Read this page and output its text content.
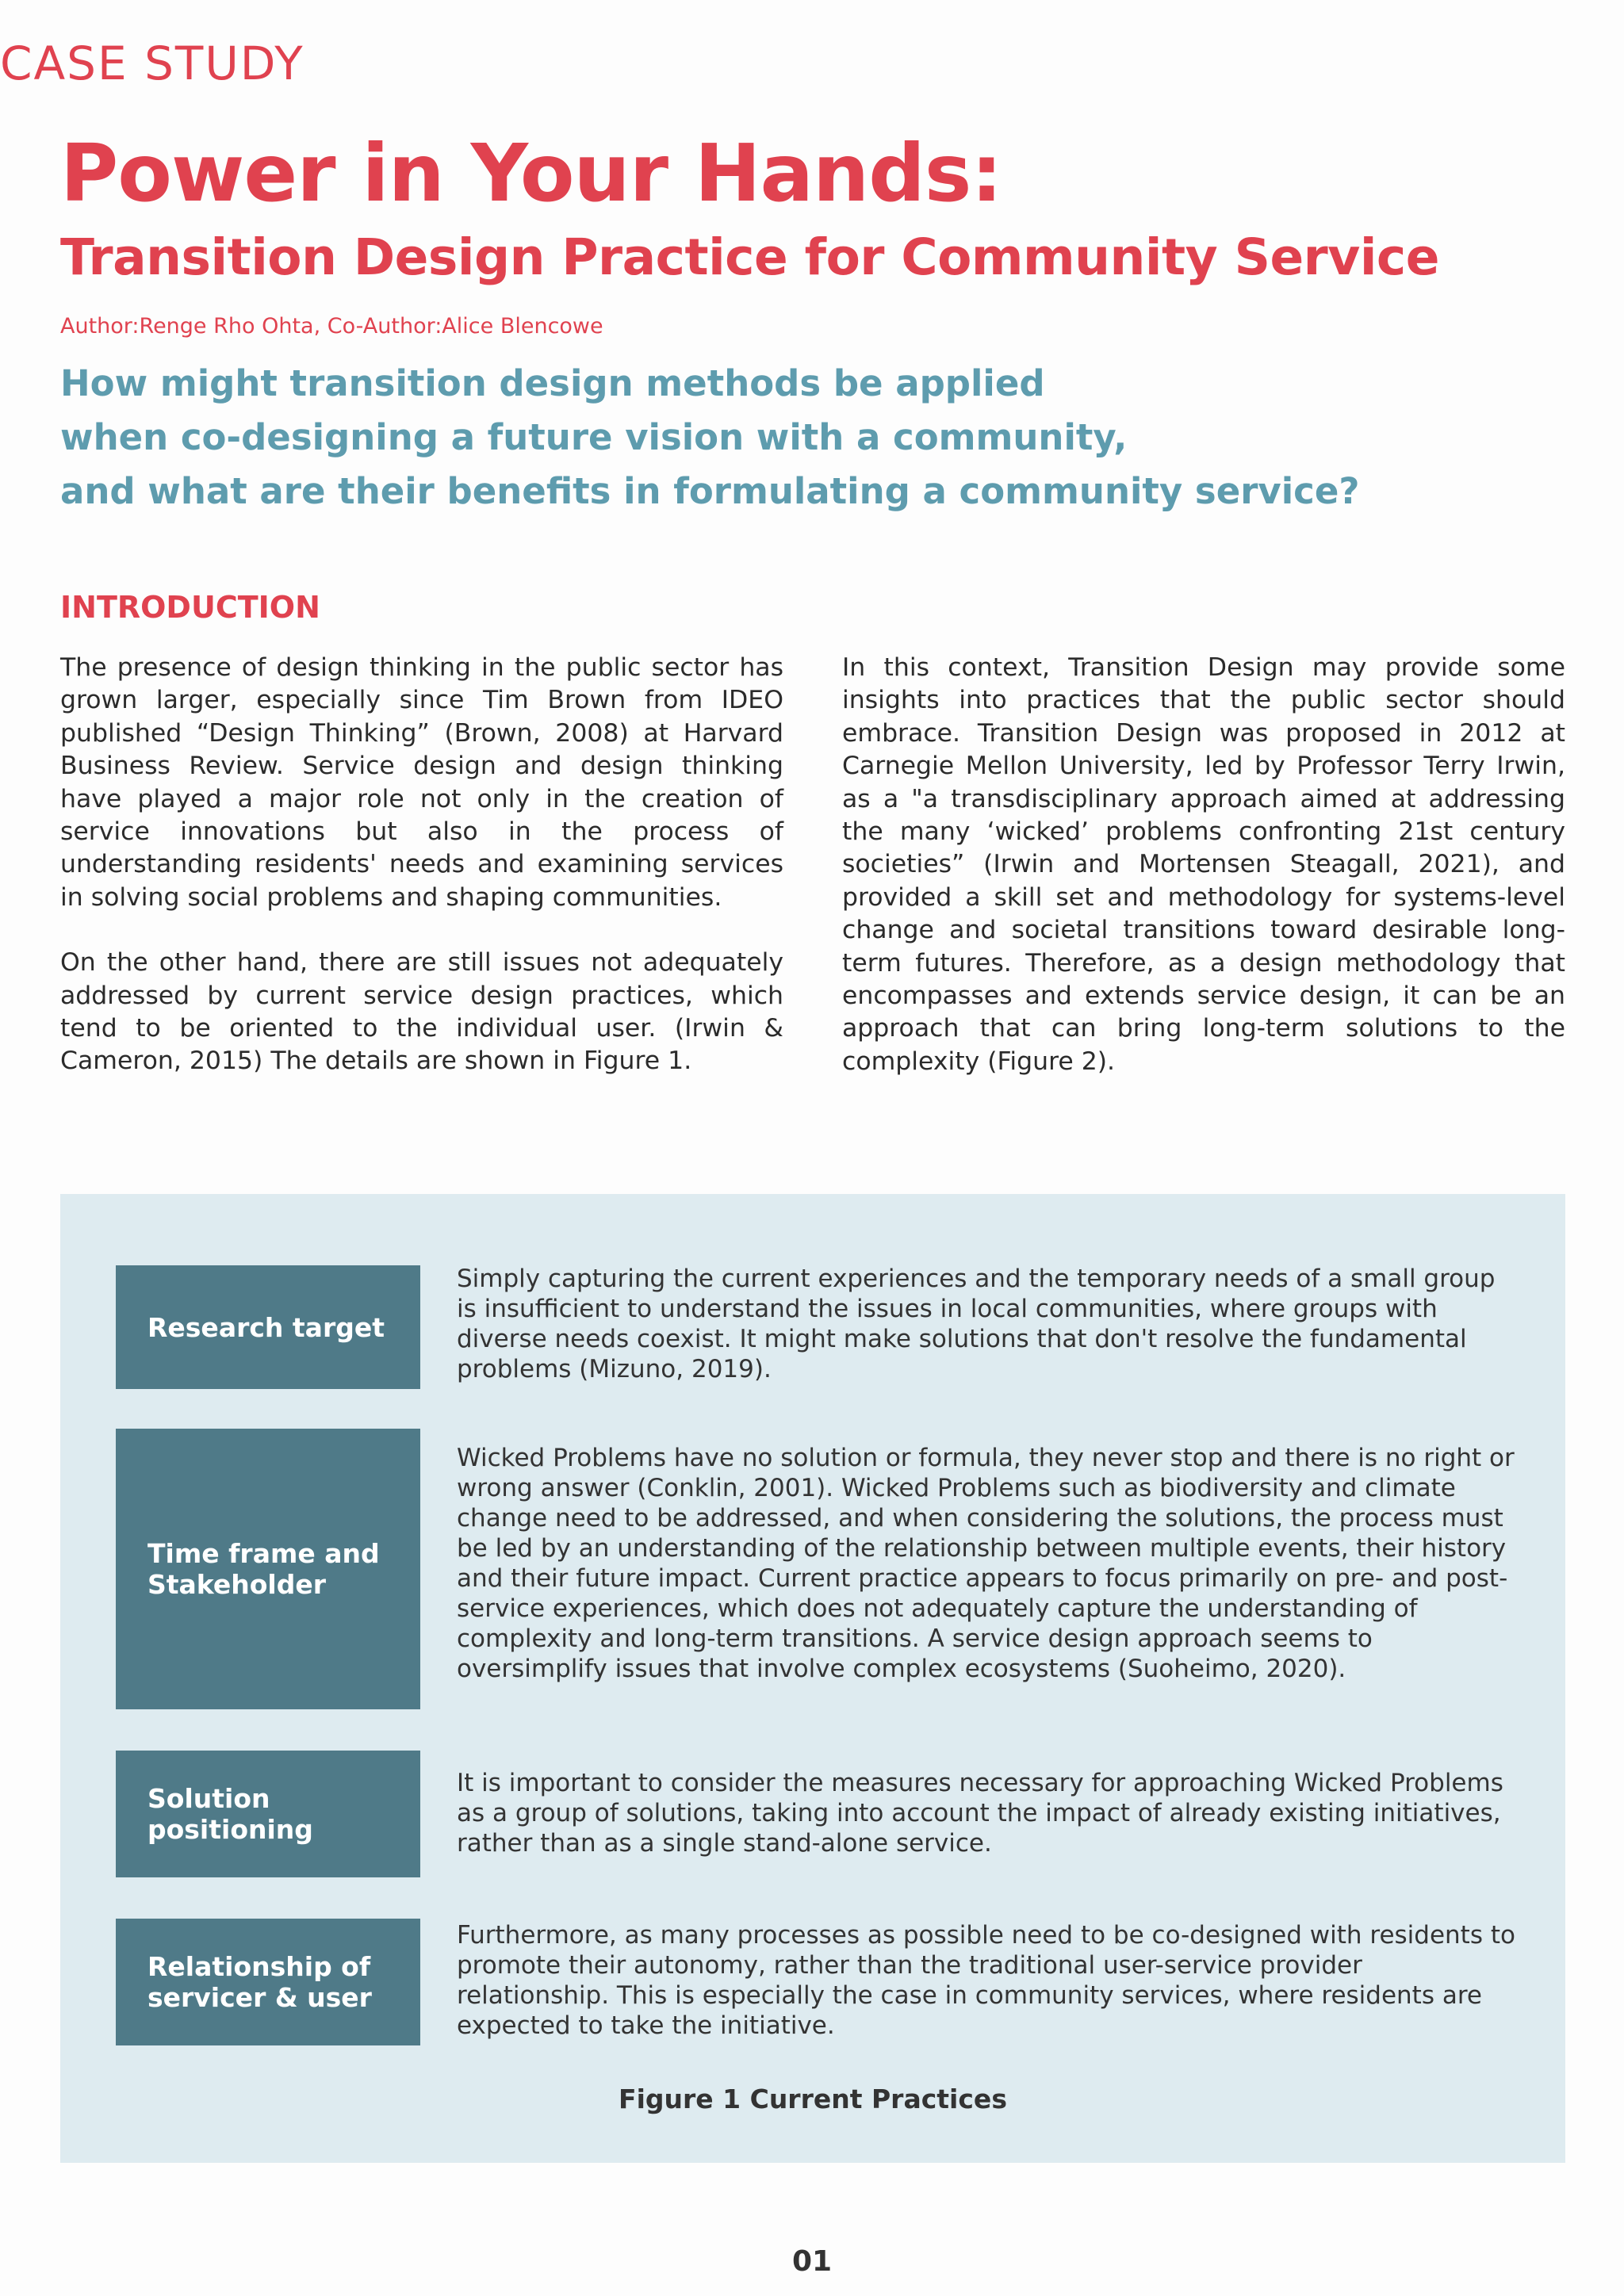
CASE STUDY
Power in Your Hands:
Transition Design Practice for Community Service
Author:Renge Rho Ohta, Co-Author:Alice Blencowe
How might transition design methods be applied
when co-designing a future vision with a community,
and what are their benefits in formulating a community service?
INTRODUCTION

The presence of design thinking in the public sector has grown larger, especially since Tim Brown from IDEO published “Design Thinking” (Brown, 2008) at Harvard Business Review. Service design and design thinking have played a major role not only in the creation of service innovations but also in the process of understanding residents' needs and examining services in solving social problems and shaping communities.

On the other hand, there are still issues not adequately addressed by current service design practices, which tend to be oriented to the individual user. (Irwin & Cameron, 2015) The details are shown in Figure 1.

In this context, Transition Design may provide some insights into practices that the public sector should embrace. Transition Design was proposed in 2012 at Carnegie Mellon University, led by Professor Terry Irwin, as a "a transdisciplinary approach aimed at addressing the many ‘wicked’ problems confronting 21st century societies” (Irwin and Mortensen Steagall, 2021), and provided a skill set and methodology for systems-level change and societal transitions toward desirable long-term futures. Therefore, as a design methodology that encompasses and extends service design, it can be an approach that can bring long-term solutions to the complexity (Figure 2).

Research target
Simply capturing the current experiences and the temporary needs of a small group is insufficient to understand the issues in local communities, where groups with diverse needs coexist. It might make solutions that don't resolve the fundamental problems (Mizuno, 2019).
Time frame and Stakeholder
Wicked Problems have no solution or formula, they never stop and there is no right or wrong answer (Conklin, 2001). Wicked Problems such as biodiversity and climate change need to be addressed, and when considering the solutions, the process must be led by an understanding of the relationship between multiple events, their history and their future impact. Current practice appears to focus primarily on pre- and post-service experiences, which does not adequately capture the understanding of complexity and long-term transitions. A service design approach seems to oversimplify issues that involve complex ecosystems (Suoheimo, 2020).
Solution positioning
It is important to consider the measures necessary for approaching Wicked Problems as a group of solutions, taking into account the impact of already existing initiatives, rather than as a single stand-alone service.
Relationship of servicer & user
Furthermore, as many processes as possible need to be co-designed with residents to promote their autonomy, rather than the traditional user-service provider relationship. This is especially the case in community services, where residents are expected to take the initiative.
Figure 1 Current Practices
01
